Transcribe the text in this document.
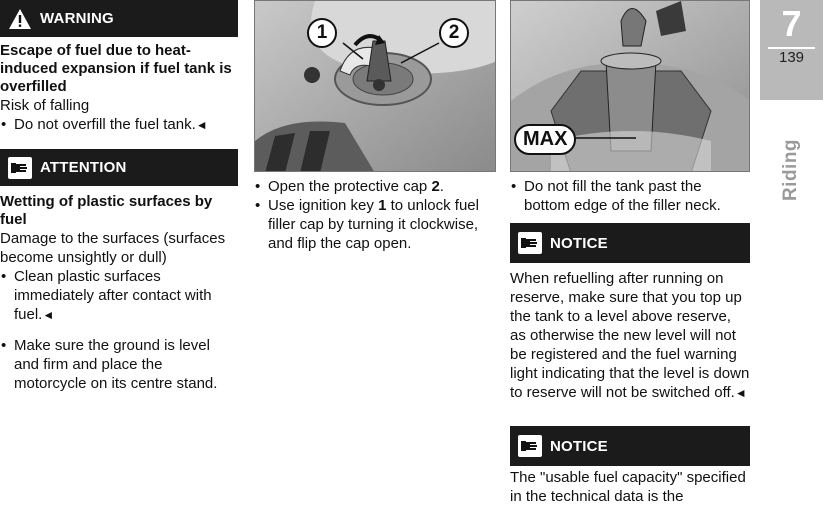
WARNING
Escape of fuel due to heat-induced expansion if fuel tank is overfilled

Risk of falling

• Do not overfill the fuel tank.◄
ATTENTION
Wetting of plastic surfaces by fuel

Damage to the surfaces (surfaces become unsightly or dull)

• Clean plastic surfaces immediately after contact with fuel.◄
• Make sure the ground is level and firm and place the motorcycle on its centre stand.
1	2
• Open the protective cap 2.
• Use ignition key 1 to unlock fuel filler cap by turning it clockwise, and flip the cap open.
MAX
• Do not fill the tank past the bottom edge of the filler neck.
NOTICE

When refuelling after running on reserve, make sure that you top up the tank to a level above reserve, as otherwise the new level will not be registered and the fuel warning light indicating that the level is down to reserve will not be switched off.◄

NOTICE

The "usable fuel capacity" specified in the technical data is the

7
139
Riding
